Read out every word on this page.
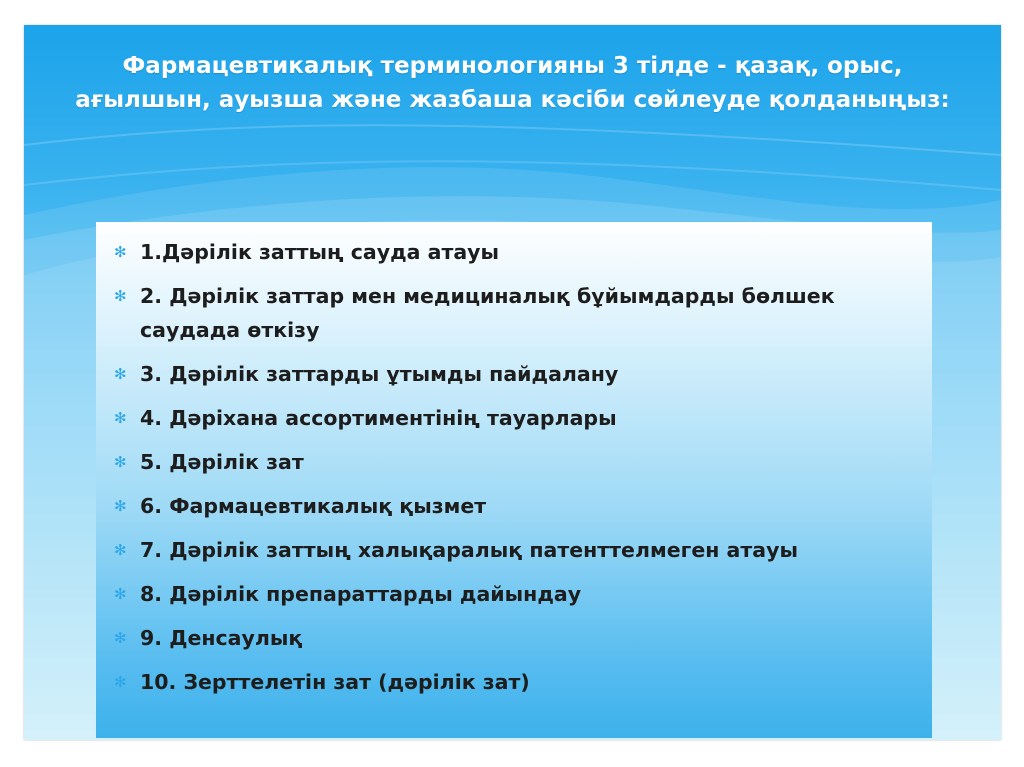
Фармацевтикалық терминологияны 3 тілде - қазақ, орыс, ағылшын, ауызша және жазбаша кәсіби сөйлеуде қолданыңыз:
✻ 1.Дәрілік заттың сауда атауы
✻ 2. Дәрілік заттар мен медициналық бұйымдарды бөлшек саудада өткізу
✻ 3. Дәрілік заттарды ұтымды пайдалану
✻ 4. Дәріхана ассортиментінің тауарлары
✻ 5. Дәрілік зат
✻ 6. Фармацевтикалық қызмет
✻ 7. Дәрілік заттың халықаралық патенттелмеген атауы
✻ 8. Дәрілік препараттарды дайындау
✻ 9. Денсаулық
✻ 10. Зерттелетін зат (дәрілік зат)
